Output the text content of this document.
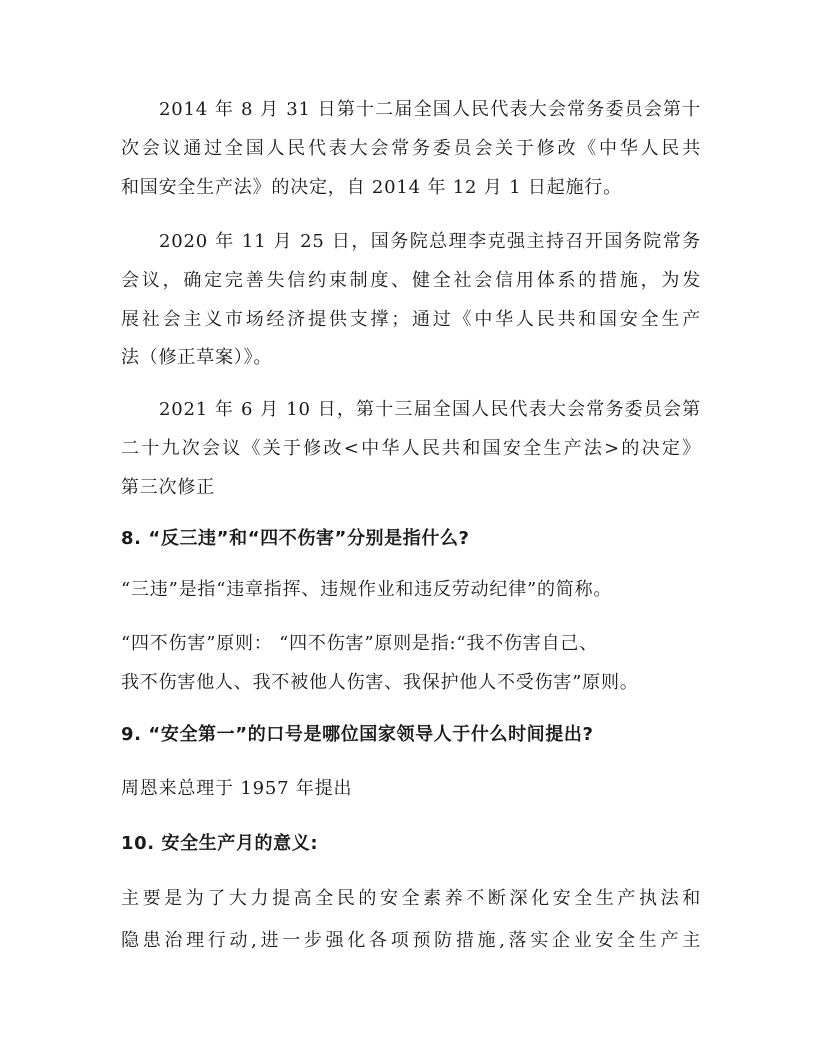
2014 年 8 月 31 日第十二届全国人民代表大会常务委员会第十
次会议通过全国人民代表大会常务委员会关于修改《中华人民共
和国安全生产法》的决定，自 2014 年 12 月 1 日起施行。
2020 年 11 月 25 日，国务院总理李克强主持召开国务院常务
会议，确定完善失信约束制度、健全社会信用体系的措施，为发
展社会主义市场经济提供支撑；通过《中华人民共和国安全生产
法（修正草案）》。
2021 年 6 月 10 日，第十三届全国人民代表大会常务委员会第
二十九次会议《关于修改<中华人民共和国安全生产法>的决定》
第三次修正
8. “反三违”和“四不伤害”分别是指什么?
“三违”是指“违章指挥、违规作业和违反劳动纪律”的简称。
“四不伤害”原则： “四不伤害”原则是指:“我不伤害自己、
我不伤害他人、我不被他人伤害、我保护他人不受伤害”原则。
9. “安全第一”的口号是哪位国家领导人于什么时间提出?
周恩来总理于 1957 年提出
10. 安全生产月的意义:
主要是为了大力提高全民的安全素养不断深化安全生产执法和
隐患治理行动,进一步强化各项预防措施,落实企业安全生产主
